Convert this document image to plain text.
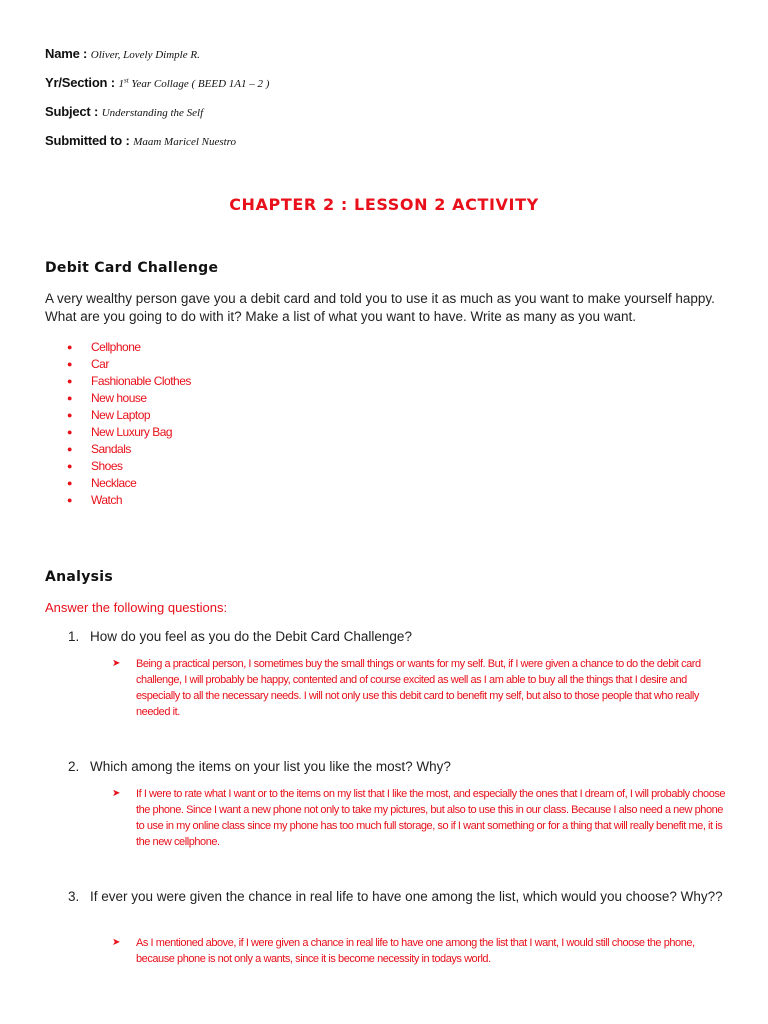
Name : Oliver, Lovely Dimple R.
Yr/Section : 1st Year Collage ( BEED 1A1 – 2 )
Subject : Understanding the Self
Submitted to : Maam Maricel Nuestro
CHAPTER 2 : LESSON 2 ACTIVITY
Debit Card Challenge
A very wealthy person gave you a debit card and told you to use it as much as you want to make yourself happy. What are you going to do with it? Make a list of what you want to have. Write as many as you want.
● Cellphone
● Car
● Fashionable Clothes
● New house
● New Laptop
● New Luxury Bag
● Sandals
● Shoes
● Necklace
● Watch
Analysis
Answer the following questions:
1. How do you feel as you do the Debit Card Challenge?
➤ Being a practical person, I sometimes buy the small things or wants for my self. But, if I were given a chance to do the debit card challenge, I will probably be happy, contented and of course excited as well as I am able to buy all the things that I desire and especially to all the necessary needs. I will not only use this debit card to benefit my self, but also to those people that who really needed it.
2. Which among the items on your list you like the most? Why?
➤ If I were to rate what I want or to the items on my list that I like the most, and especially the ones that I dream of, I will probably choose the phone. Since I want a new phone not only to take my pictures, but also to use this in our class. Because I also need a new phone to use in my online class since my phone has too much full storage, so if I want something or for a thing that will really benefit me, it is the new cellphone.
3. If ever you were given the chance in real life to have one among the list, which would you choose? Why??
➤ As I mentioned above, if I were given a chance in real life to have one among the list that I want, I would still choose the phone, because phone is not only a wants, since it is become necessity in todays world.
